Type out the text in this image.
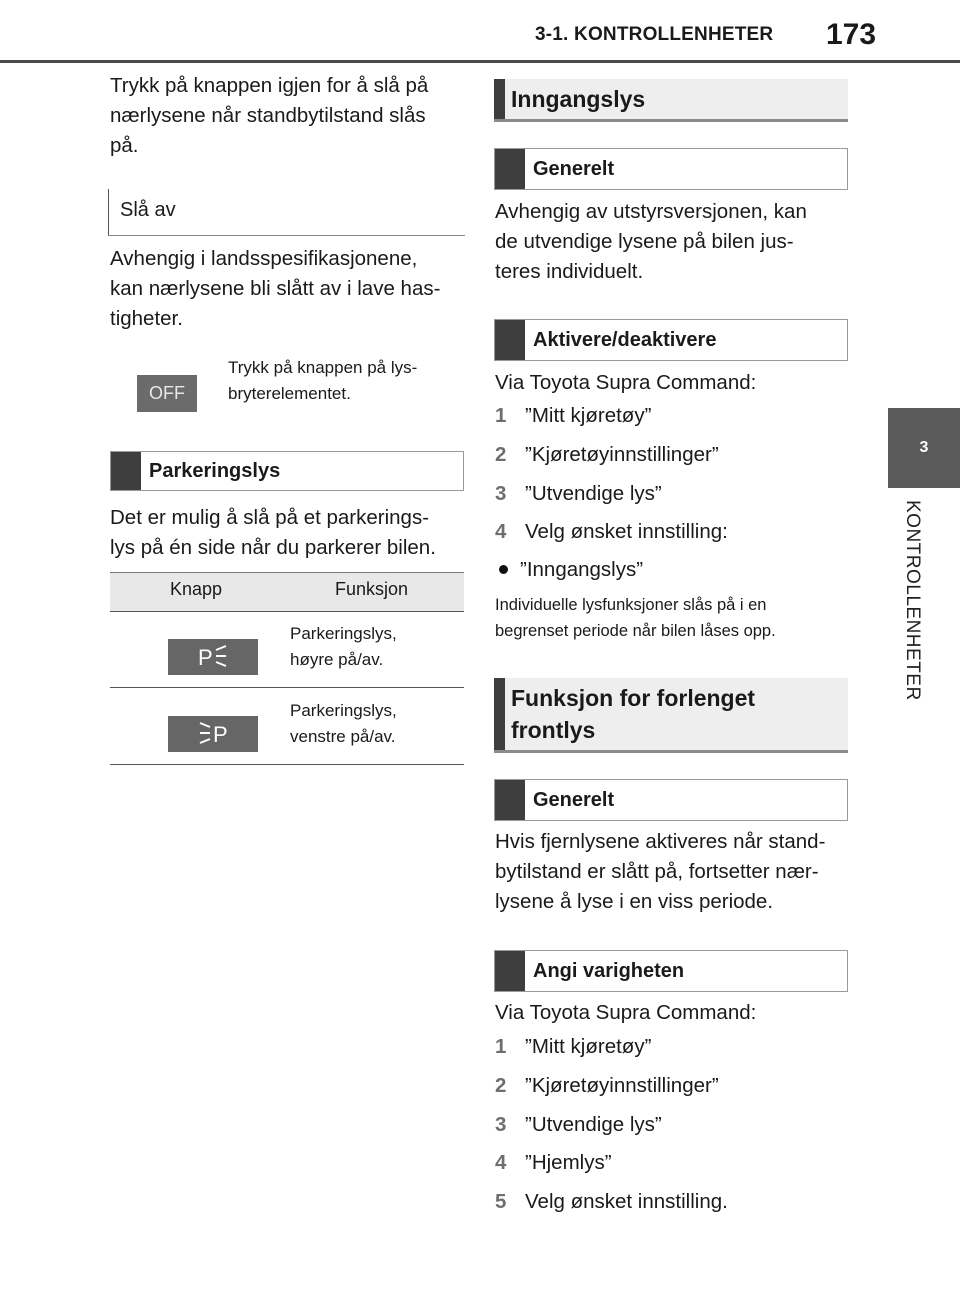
3-1. KONTROLLENHETER 173
3
KONTROLLENHETER
Trykk på knappen igjen for å slå på
nærlysene når standbytilstand slås
på.
Slå av
Avhengig i landsspesifikasjonene,
kan nærlysene bli slått av i lave has-
tigheter.
OFF
Trykk på knappen på lys-
bryterelementet.
Parkeringslys
Det er mulig å slå på et parkerings-
lys på én side når du parkerer bilen.
Knapp	Funksjon
P
Parkeringslys,
høyre på/av.
P
Parkeringslys,
venstre på/av.
Inngangslys
Generelt
Avhengig av utstyrsversjonen, kan
de utvendige lysene på bilen jus-
teres individuelt.
Aktivere/deaktivere
Via Toyota Supra Command:
1 ”Mitt kjøretøy”
2 ”Kjøretøyinnstillinger”
3 ”Utvendige lys”
4 Velg ønsket innstilling:
”Inngangslys”
Individuelle lysfunksjoner slås på i en
begrenset periode når bilen låses opp.
Funksjon for forlenget
frontlys
Generelt
Hvis fjernlysene aktiveres når stand-
bytilstand er slått på, fortsetter nær-
lysene å lyse i en viss periode.
Angi varigheten
Via Toyota Supra Command:
1 ”Mitt kjøretøy”
2 ”Kjøretøyinnstillinger”
3 ”Utvendige lys”
4 ”Hjemlys”
5 Velg ønsket innstilling.
